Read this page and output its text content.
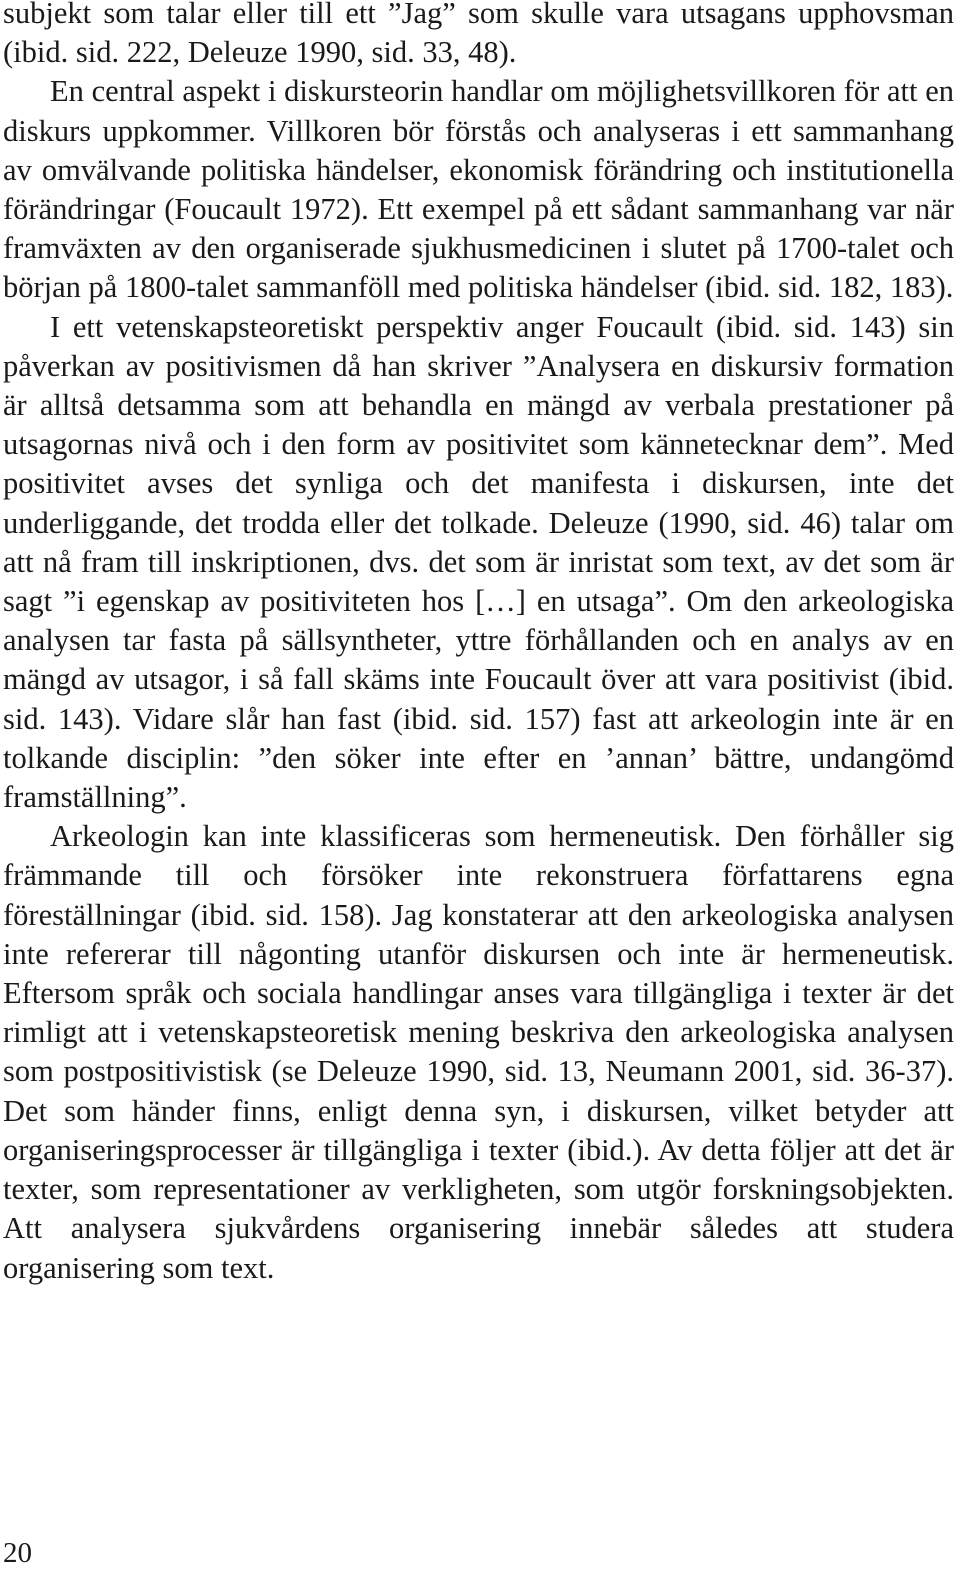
subjekt som talar eller till ett ”Jag” som skulle vara utsagans upphovsman (ibid. sid. 222, Deleuze 1990, sid. 33, 48).

En central aspekt i diskursteorin handlar om möjlighetsvillkoren för att en diskurs uppkommer. Villkoren bör förstås och analyseras i ett sammanhang av omvälvande politiska händelser, ekonomisk förändring och institutionella förändringar (Foucault 1972). Ett exempel på ett sådant sammanhang var när framväxten av den organiserade sjukhusmedicinen i slutet på 1700-talet och början på 1800-talet sammanföll med politiska händelser (ibid. sid. 182, 183).

I ett vetenskapsteoretiskt perspektiv anger Foucault (ibid. sid. 143) sin påverkan av positivismen då han skriver ”Analysera en diskursiv formation är alltså detsamma som att behandla en mängd av verbala prestationer på utsagornas nivå och i den form av positivitet som kännetecknar dem”. Med positivitet avses det synliga och det manifesta i diskursen, inte det underliggande, det trodda eller det tolkade. Deleuze (1990, sid. 46) talar om att nå fram till inskriptionen, dvs. det som är inristat som text, av det som är sagt ”i egenskap av positiviteten hos […] en utsaga”. Om den arkeologiska analysen tar fasta på sällsyntheter, yttre förhållanden och en analys av en mängd av utsagor, i så fall skäms inte Foucault över att vara positivist (ibid. sid. 143). Vidare slår han fast (ibid. sid. 157) fast att arkeologin inte är en tolkande disciplin: ”den söker inte efter en ’annan’ bättre, undangömd framställning”.

Arkeologin kan inte klassificeras som hermeneutisk. Den förhåller sig främmande till och försöker inte rekonstruera författarens egna föreställningar (ibid. sid. 158). Jag konstaterar att den arkeologiska analysen inte refererar till någonting utanför diskursen och inte är hermeneutisk. Eftersom språk och sociala handlingar anses vara tillgängliga i texter är det rimligt att i vetenskapsteoretisk mening beskriva den arkeologiska analysen som postpositivistisk (se Deleuze 1990, sid. 13, Neumann 2001, sid. 36-37). Det som händer finns, enligt denna syn, i diskursen, vilket betyder att organiseringsprocesser är tillgängliga i texter (ibid.). Av detta följer att det är texter, som representationer av verkligheten, som utgör forskningsobjekten. Att analysera sjukvårdens organisering innebär således att studera organisering som text.

20
